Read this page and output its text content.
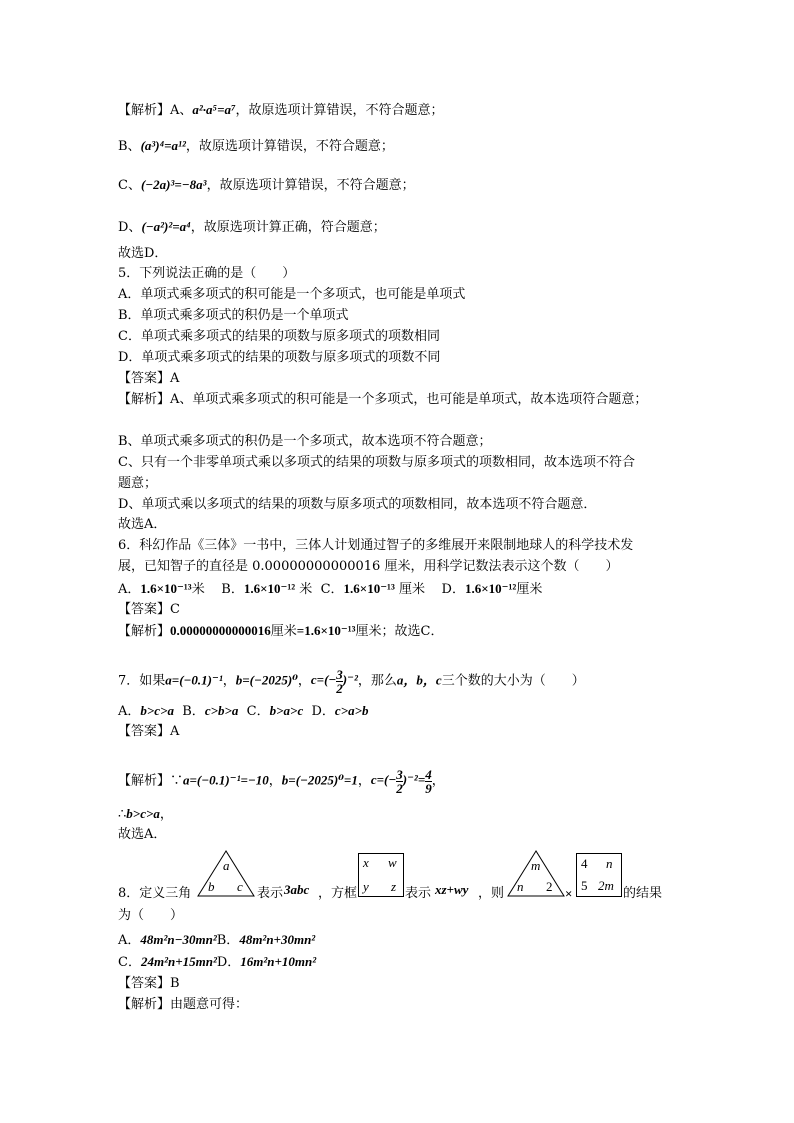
【解析】A、a²·a⁵=a⁷，故原选项计算错误，不符合题意；
B、(a³)⁴=a¹²，故原选项计算错误，不符合题意；
C、(−2a)³=−8a³，故原选项计算错误，不符合题意；
D、(−a²)²=a⁴，故原选项计算正确，符合题意；
故选D．
5．下列说法正确的是（　　）
A．单项式乘多项式的积可能是一个多项式，也可能是单项式
B．单项式乘多项式的积仍是一个单项式
C．单项式乘多项式的结果的项数与原多项式的项数相同
D．单项式乘多项式的结果的项数与原多项式的项数不同
【答案】A
【解析】A、单项式乘多项式的积可能是一个多项式，也可能是单项式，故本选项符合题意；
B、单项式乘多项式的积仍是一个多项式，故本选项不符合题意；
C、只有一个非零单项式乘以多项式的结果的项数与原多项式的项数相同，故本选项不符合
题意；
D、单项式乘以多项式的结果的项数与原多项式的项数相同，故本选项不符合题意．
故选A．
6．科幻作品《三体》一书中，三体人计划通过智子的多维展开来限制地球人的科学技术发
展，已知智子的直径是 0.00000000000016 厘米，用科学记数法表示这个数（　　）
A．1.6×10⁻¹³米 B．1.6×10⁻¹² 米 C．1.6×10⁻¹³ 厘米 D．1.6×10⁻¹²厘米
【答案】C
【解析】0.00000000000016厘米=1.6×10⁻¹³厘米；故选C．
7．如果a=(−0.1)⁻¹，b=(−2025)⁰，$c=(- \frac{3}{2} )^{-2}$，那么a，b，c三个数的大小为（　　）
A．b>c>a B．c>b>a C．b>a>c D．c>a>b
【答案】A
【解析】∵a=(−0.1)⁻¹=−10，b=(−2025)⁰=1，$c=(- \frac{3}{2} )^{-2}= \frac{4}{9}$ ，
∴b>c>a，
故选A．
8．定义三角
a
b c 表示 3abc ，方框
x w
y z 表示 xz+wy ，则
m
n 2 ×
4 n
5 2m
的结果
为（　　）
A．48m²n−30mn²B．48m²n+30mn²
C．24m²n+15mn²D．16m²n+10mn²
【答案】B
【解析】由题意可得：
